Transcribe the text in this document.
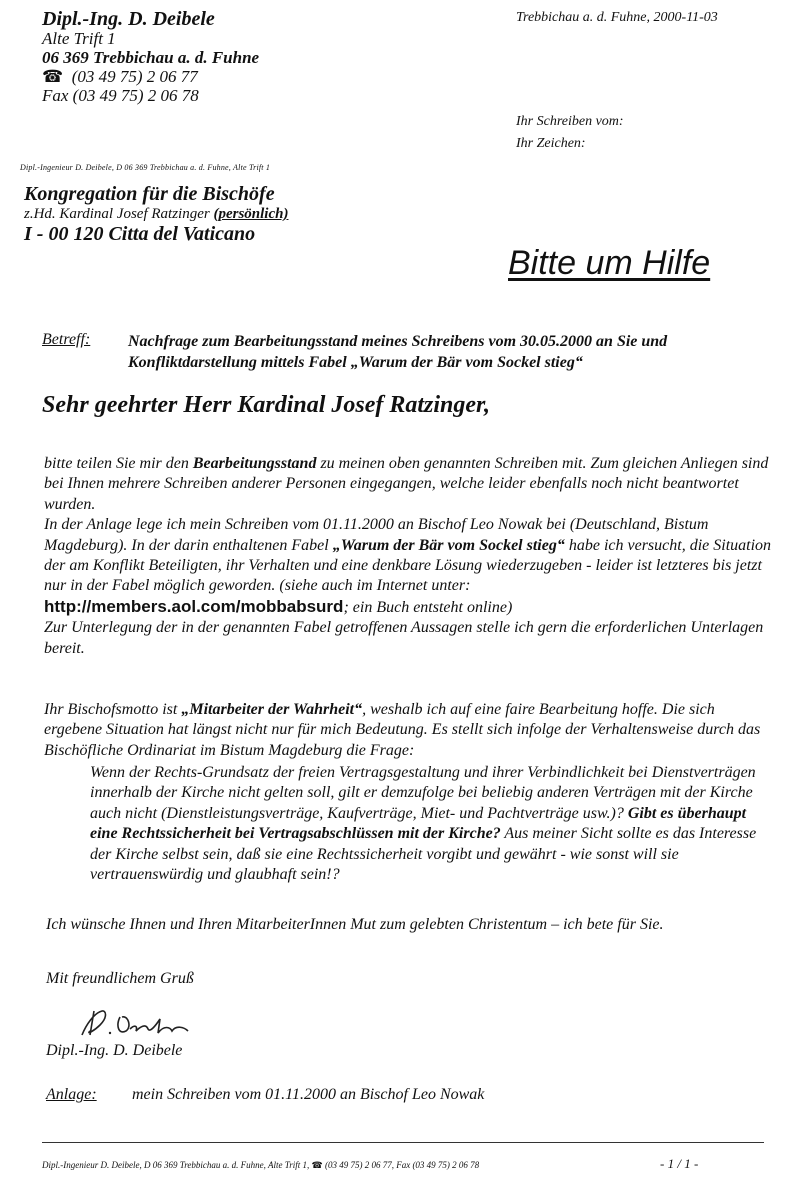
Dipl.-Ing. D. Deibele
Alte Trift 1
06 369 Trebbichau a. d. Fuhne
☎ (03 49 75) 2 06 77
Fax (03 49 75) 2 06 78
Trebbichau a. d. Fuhne, 2000-11-03
Ihr Schreiben vom:
Ihr Zeichen:
Dipl.-Ingenieur D. Deibele, D 06 369 Trebbichau a. d. Fuhne, Alte Trift 1
Kongregation für die Bischöfe
z.Hd. Kardinal Josef Ratzinger (persönlich)
I - 00 120 Citta del Vaticano
Bitte um Hilfe
Betreff: Nachfrage zum Bearbeitungsstand meines Schreibens vom 30.05.2000 an Sie und Konfliktdarstellung mittels Fabel „Warum der Bär vom Sockel stieg“
Sehr geehrter Herr Kardinal Josef Ratzinger,
bitte teilen Sie mir den Bearbeitungsstand zu meinen oben genannten Schreiben mit. Zum gleichen Anliegen sind bei Ihnen mehrere Schreiben anderer Personen eingegangen, welche leider ebenfalls noch nicht beantwortet wurden.
In der Anlage lege ich mein Schreiben vom 01.11.2000 an Bischof Leo Nowak bei (Deutschland, Bistum Magdeburg). In der darin enthaltenen Fabel „Warum der Bär vom Sockel stieg“ habe ich versucht, die Situation der am Konflikt Beteiligten, ihr Verhalten und eine denkbare Lösung wiederzugeben - leider ist letzteres bis jetzt nur in der Fabel möglich geworden. (siehe auch im Internet unter: http://members.aol.com/mobbabsurd; ein Buch entsteht online)
Zur Unterlegung der in der genannten Fabel getroffenen Aussagen stelle ich gern die erforderlichen Unterlagen bereit.
Ihr Bischofsmotto ist „Mitarbeiter der Wahrheit“, weshalb ich auf eine faire Bearbeitung hoffe. Die sich ergebene Situation hat längst nicht nur für mich Bedeutung. Es stellt sich infolge der Verhaltensweise durch das Bischöfliche Ordinariat im Bistum Magdeburg die Frage:
Wenn der Rechts-Grundsatz der freien Vertragsgestaltung und ihrer Verbindlichkeit bei Dienstverträgen innerhalb der Kirche nicht gelten soll, gilt er demzufolge bei beliebig anderen Verträgen mit der Kirche auch nicht (Dienstleistungsverträge, Kaufverträge, Miet- und Pachtverträge usw.)? Gibt es überhaupt eine Rechtssicherheit bei Vertragsabschlüssen mit der Kirche? Aus meiner Sicht sollte es das Interesse der Kirche selbst sein, daß sie eine Rechtssicherheit vorgibt und gewährt - wie sonst will sie vertrauenswürdig und glaubhaft sein!?
Ich wünsche Ihnen und Ihren MitarbeiterInnen Mut zum gelebten Christentum – ich bete für Sie.
Mit freundlichem Gruß
Dipl.-Ing. D. Deibele
Anlage: mein Schreiben vom 01.11.2000 an Bischof Leo Nowak
Dipl.-Ingenieur D. Deibele, D 06 369 Trebbichau a. d. Fuhne, Alte Trift 1, ☎ (03 49 75) 2 06 77, Fax (03 49 75) 2 06 78	- 1 / 1 -
